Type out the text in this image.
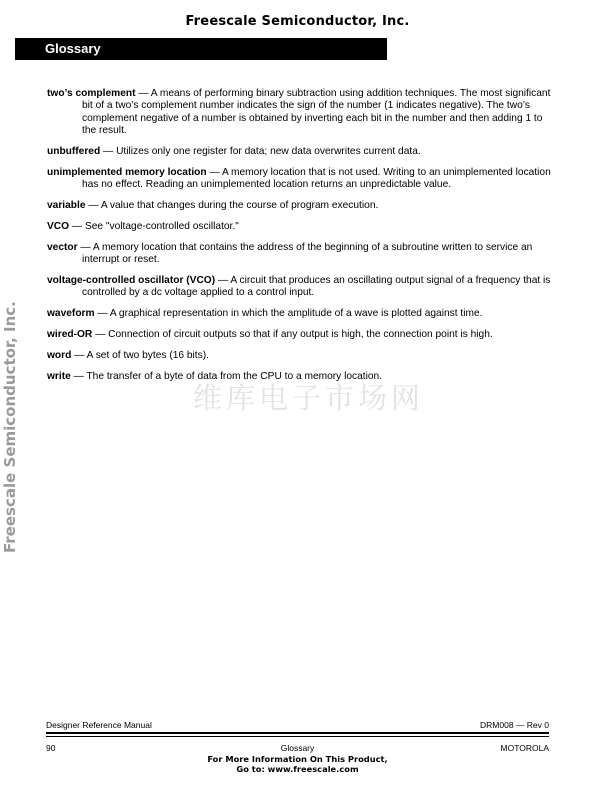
Freescale Semiconductor, Inc.
Glossary
Freescale Semiconductor, Inc.	维库电子市场网

two’s complement — A means of performing binary subtraction using addition techniques. The most significant bit of a two’s complement number indicates the sign of the number (1 indicates negative). The two’s complement negative of a number is obtained by inverting each bit in the number and then adding 1 to the result.

unbuffered — Utilizes only one register for data; new data overwrites current data.

unimplemented memory location — A memory location that is not used. Writing to an unimplemented location has no effect. Reading an unimplemented location returns an unpredictable value.

variable — A value that changes during the course of program execution.

VCO — See "voltage-controlled oscillator."

vector — A memory location that contains the address of the beginning of a subroutine written to service an interrupt or reset.

voltage-controlled oscillator (VCO) — A circuit that produces an oscillating output signal of a frequency that is controlled by a dc voltage applied to a control input.

waveform — A graphical representation in which the amplitude of a wave is plotted against time.

wired-OR — Connection of circuit outputs so that if any output is high, the connection point is high.

word — A set of two bytes (16 bits).

write — The transfer of a byte of data from the CPU to a memory location.

Designer Reference Manual	DRM008 — Rev 0
90	Glossary	MOTOROLA
For More Information On This Product,
Go to: www.freescale.com
